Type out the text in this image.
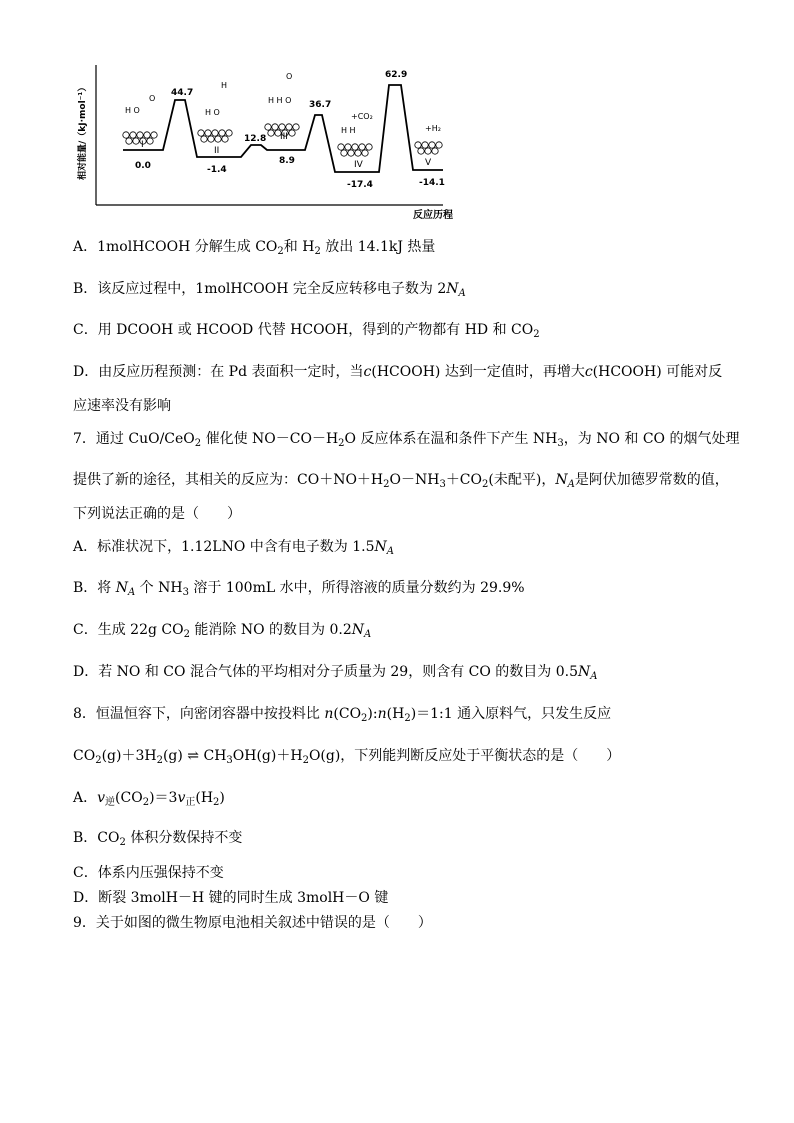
相对能量/（kJ·mol⁻¹）
反应历程
O
H O
H
H O
O
H H O
+CO₂
H H	+H₂
I
II
III
IV	V
0.0
44.7
-1.4
12.8
8.9
36.7
62.9
-17.4	-14.1
A．1molHCOOH 分解生成 $CO_2$和 $H_2$ 放出 14.1kJ 热量
B．该反应过程中，1molHCOOH 完全反应转移电子数为 $2N_A$
C．用 DCOOH 或 HCOOD 代替 HCOOH，得到的产物都有 HD 和 $CO_2$
D．由反应历程预测：在 Pd 表面积一定时，当c(HCOOH) 达到一定值时，再增大c(HCOOH) 可能对反
应速率没有影响
7．通过 CuO/CeO$_2$ 催化使 $NO-CO-H_2O$ 反应体系在温和条件下产生 $NH_3$，为 NO 和 CO 的烟气处理
提供了新的途径，其相关的反应为：$CO+NO+H_2O-NH_3+CO_2$(未配平)，$N_A$是阿伏加德罗常数的值，
下列说法正确的是（　　）
A．标准状况下，1.12LNO 中含有电子数为 $1.5N_A$
B．将 $N_A$ 个 $NH_3$ 溶于 100mL 水中，所得溶液的质量分数约为 29.9%
C．生成 22g $CO_2$ 能消除 NO 的数目为 $0.2N_A$
D．若 NO 和 CO 混合气体的平均相对分子质量为 29，则含有 CO 的数目为 $0.5N_A$
8．恒温恒容下，向密闭容器中按投料比 $n(CO_2):n(H_2)=1:1$ 通入原料气，只发生反应
$CO_2(g)+3H_2(g)$ ⇌ $CH_3OH(g)+H_2O(g)$，下列能判断反应处于平衡状态的是（　　）
A．$v_逆(CO_2)=3v_正(H_2)$
B．$CO_2$ 体积分数保持不变
C．体系内压强保持不变
D．断裂 3molH－H 键的同时生成 3molH－O 键
9．关于如图的微生物原电池相关叙述中错误的是（　　）
